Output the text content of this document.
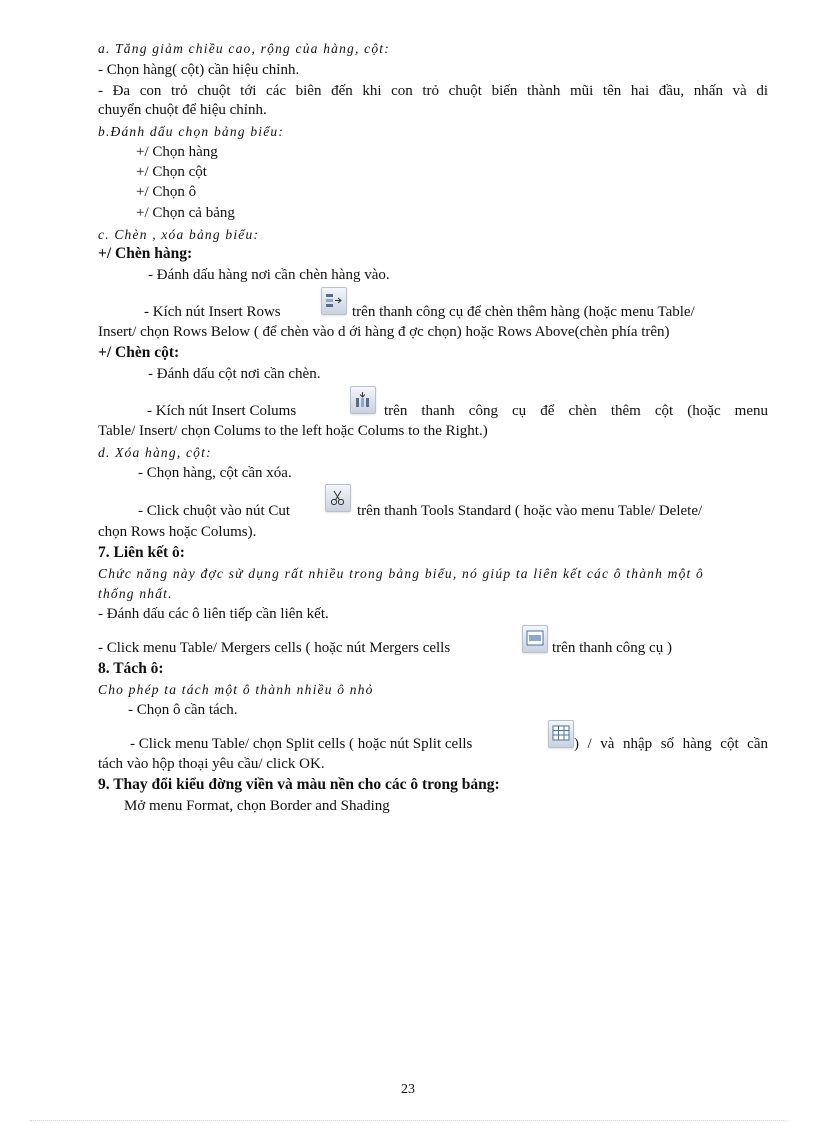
a. Tăng giảm chiều cao, rộng của hàng, cột:
- Chọn hàng( cột) cần hiệu chỉnh.
- Đa con trỏ chuột tới các biên đến khi con trỏ chuột biến thành mũi tên hai đầu, nhấn và di
chuyển chuột để hiệu chỉnh.
b.Đánh dấu chọn bảng biểu:
+/ Chọn hàng
+/ Chọn cột
+/ Chọn ô
+/ Chọn cả bảng
c. Chèn , xóa bảng biểu:
+/ Chèn hàng:
- Đánh dấu hàng nơi cần chèn hàng vào.
- Kích nút Insert Rows	trên thanh công cụ để chèn thêm hàng (hoặc menu Table/
Insert/ chọn Rows Below ( để chèn vào d ới hàng đ ợc chọn) hoặc Rows Above(chèn phía trên)
+/ Chèn cột:
- Đánh dấu cột nơi cần chèn.
- Kích nút Insert Colums	trên thanh công cụ để chèn thêm cột (hoặc menu
Table/ Insert/ chọn Colums to the left hoặc Colums to the Right.)
d. Xóa hàng, cột:
- Chọn hàng, cột cần xóa.
- Click chuột vào nút Cut	trên thanh Tools Standard ( hoặc vào menu Table/ Delete/
chọn Rows hoặc Colums).
7. Liên kết ô:
Chức năng này đợc sử dụng rất nhiều trong bảng biểu, nó giúp ta liên kết các ô thành một ô
thống nhất.
- Đánh dấu các ô liên tiếp cần liên kết.
- Click menu Table/ Mergers cells ( hoặc nút Mergers cells	trên thanh công cụ )
8. Tách ô:
Cho phép ta tách một ô thành nhiều ô nhỏ
- Chọn ô cần tách.
- Click menu Table/ chọn Split cells ( hoặc nút Split cells	) / và nhập số hàng cột cần
tách vào hộp thoại yêu cầu/ click OK.
9. Thay đổi kiểu đờng viền và màu nền cho các ô trong bảng:
Mở menu Format, chọn Border and Shading
23
